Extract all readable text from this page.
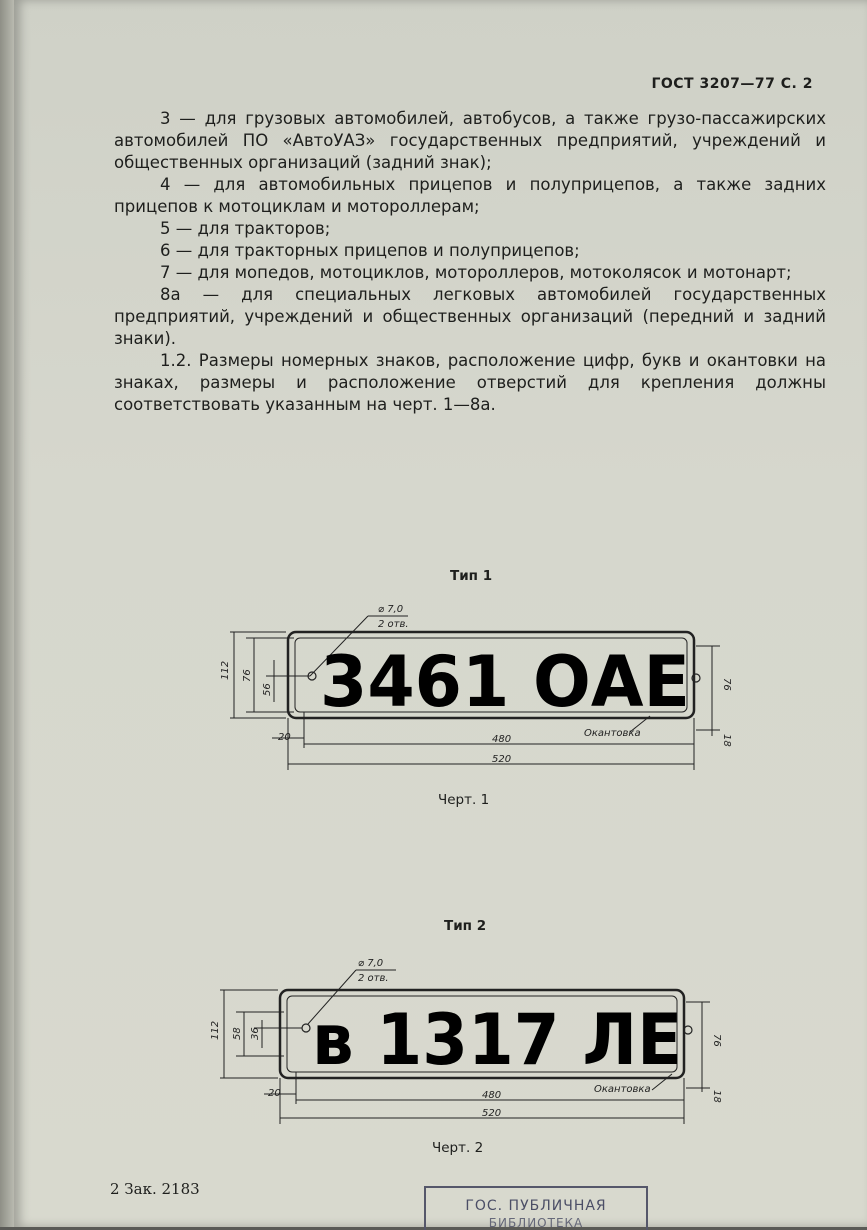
ГОСТ 3207—77 С. 2

3 — для грузовых автомобилей, автобусов, а также грузо-пассажирских автомобилей ПО «АвтоУАЗ» государственных предприятий, учреждений и общественных организаций (задний знак);

4 — для автомобильных прицепов и полуприцепов, а также задних прицепов к мотоциклам и мотороллерам;

5 — для тракторов;

6 — для тракторных прицепов и полуприцепов;

7 — для мопедов, мотоциклов, мотороллеров, мотоколясок и мотонарт;

8а — для специальных легковых автомобилей государственных предприятий, учреждений и общественных организаций (передний и задний знаки).

1.2. Размеры номерных знаков, расположение цифр, букв и окантовки на знаках, размеры и расположение отверстий для крепления должны соответствовать указанным на черт. 1—8а.

Тип 1
3461 ОАЕ
⌀ 7,0
2 отв.
112 76
56	76
20	480
520
18
Окантовка
Черт. 1
Тип 2
в 1317 ЛЕ
⌀ 7,0
2 отв.
112 58 36
76
20	480
520
18
Окантовка
Черт. 2
2 Зак. 2183
ГОС. ПУБЛИЧНАЯ
БИБЛИОТЕКА
